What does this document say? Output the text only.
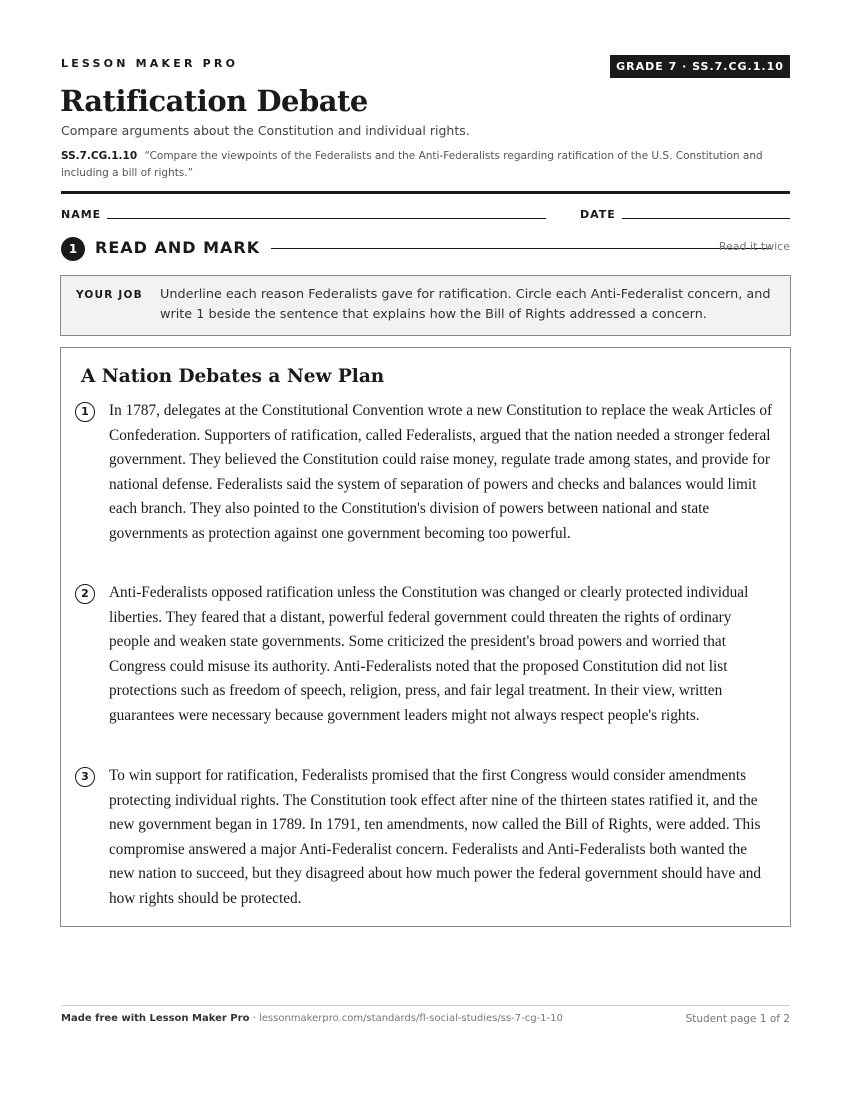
LESSON MAKER PRO	GRADE 7 · SS.7.CG.1.10
Ratification Debate
Compare arguments about the Constitution and individual rights.
SS.7.CG.1.10 “Compare the viewpoints of the Federalists and the Anti-Federalists regarding ratification of the U.S. Constitution and including a bill of rights.”
NAME	DATE
1	READ AND MARK	Read it twice
YOUR JOB Underline each reason Federalists gave for ratification. Circle each Anti-Federalist concern, and write 1 beside the sentence that explains how the Bill of Rights addressed a concern.
A Nation Debates a New Plan
1	In 1787, delegates at the Constitutional Convention wrote a new Constitution to replace the weak Articles of Confederation. Supporters of ratification, called Federalists, argued that the nation needed a stronger federal government. They believed the Constitution could raise money, regulate trade among states, and provide for national defense. Federalists said the system of separation of powers and checks and balances would limit each branch. They also pointed to the Constitution's division of powers between national and state governments as protection against one government becoming too powerful.
2	Anti-Federalists opposed ratification unless the Constitution was changed or clearly protected individual liberties. They feared that a distant, powerful federal government could threaten the rights of ordinary people and weaken state governments. Some criticized the president's broad powers and worried that Congress could misuse its authority. Anti-Federalists noted that the proposed Constitution did not list protections such as freedom of speech, religion, press, and fair legal treatment. In their view, written guarantees were necessary because government leaders might not always respect people's rights.
3	To win support for ratification, Federalists promised that the first Congress would consider amendments protecting individual rights. The Constitution took effect after nine of the thirteen states ratified it, and the new government began in 1789. In 1791, ten amendments, now called the Bill of Rights, were added. This compromise answered a major Anti-Federalist concern. Federalists and Anti-Federalists both wanted the new nation to succeed, but they disagreed about how much power the federal government should have and how rights should be protected.
Made free with Lesson Maker Pro · lessonmakerpro.com/standards/fl-social-studies/ss-7-cg-1-10	Student page 1 of 2
